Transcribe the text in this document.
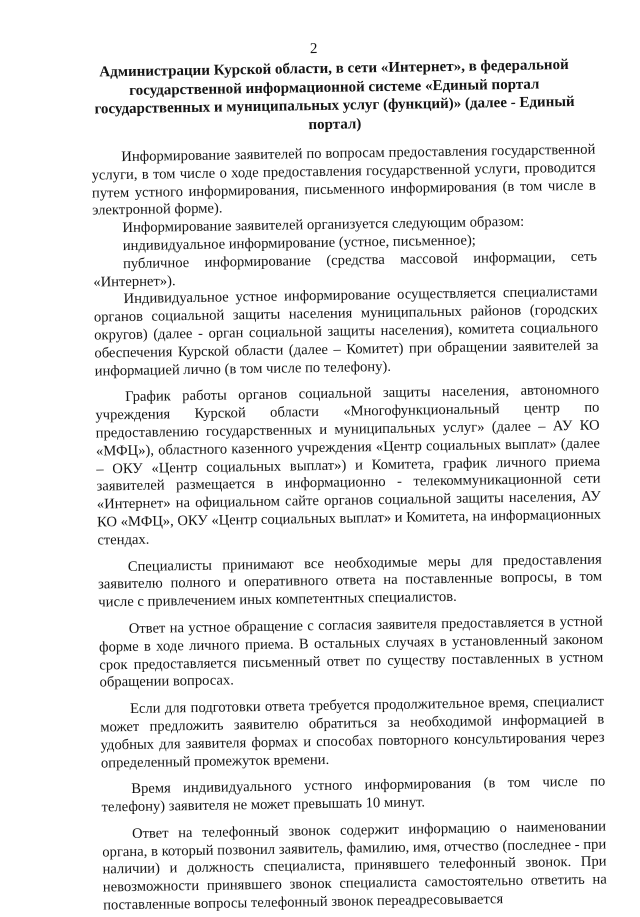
2
Администрации Курской области, в сети «Интернет», в федеральной государственной информационной системе «Единый портал государственных и муниципальных услуг (функций)» (далее - Единый портал)

Информирование заявителей по вопросам предоставления государственной услуги, в том числе о ходе предоставления государственной услуги, проводится путем устного информирования, письменного информирования (в том числе в электронной форме).

Информирование заявителей организуется следующим образом:

индивидуальное информирование (устное, письменное);

публичное информирование (средства массовой информации, сеть «Интернет»).

Индивидуальное устное информирование осуществляется специалистами органов социальной защиты населения муниципальных районов (городских округов) (далее - орган социальной защиты населения), комитета социального обеспечения Курской области (далее – Комитет) при обращении заявителей за информацией лично (в том числе по телефону).

График работы органов социальной защиты населения, автономного учреждения Курской области «Многофункциональный центр по предоставлению государственных и муниципальных услуг» (далее – АУ КО «МФЦ»), областного казенного учреждения «Центр социальных выплат» (далее – ОКУ «Центр социальных выплат») и Комитета, график личного приема заявителей размещается в информационно - телекоммуникационной сети «Интернет» на официальном сайте органов социальной защиты населения, АУ КО «МФЦ», ОКУ «Центр социальных выплат» и Комитета, на информационных стендах.

Специалисты принимают все необходимые меры для предоставления заявителю полного и оперативного ответа на поставленные вопросы, в том числе с привлечением иных компетентных специалистов.

Ответ на устное обращение с согласия заявителя предоставляется в устной форме в ходе личного приема. В остальных случаях в установленный законом срок предоставляется письменный ответ по существу поставленных в устном обращении вопросах.

Если для подготовки ответа требуется продолжительное время, специалист может предложить заявителю обратиться за необходимой информацией в удобных для заявителя формах и способах повторного консультирования через определенный промежуток времени.

Время индивидуального устного информирования (в том числе по телефону) заявителя не может превышать 10 минут.

Ответ на телефонный звонок содержит информацию о наименовании органа, в который позвонил заявитель, фамилию, имя, отчество (последнее - при наличии) и должность специалиста, принявшего телефонный звонок. При невозможности принявшего звонок специалиста самостоятельно ответить на поставленные вопросы телефонный звонок переадресовывается
